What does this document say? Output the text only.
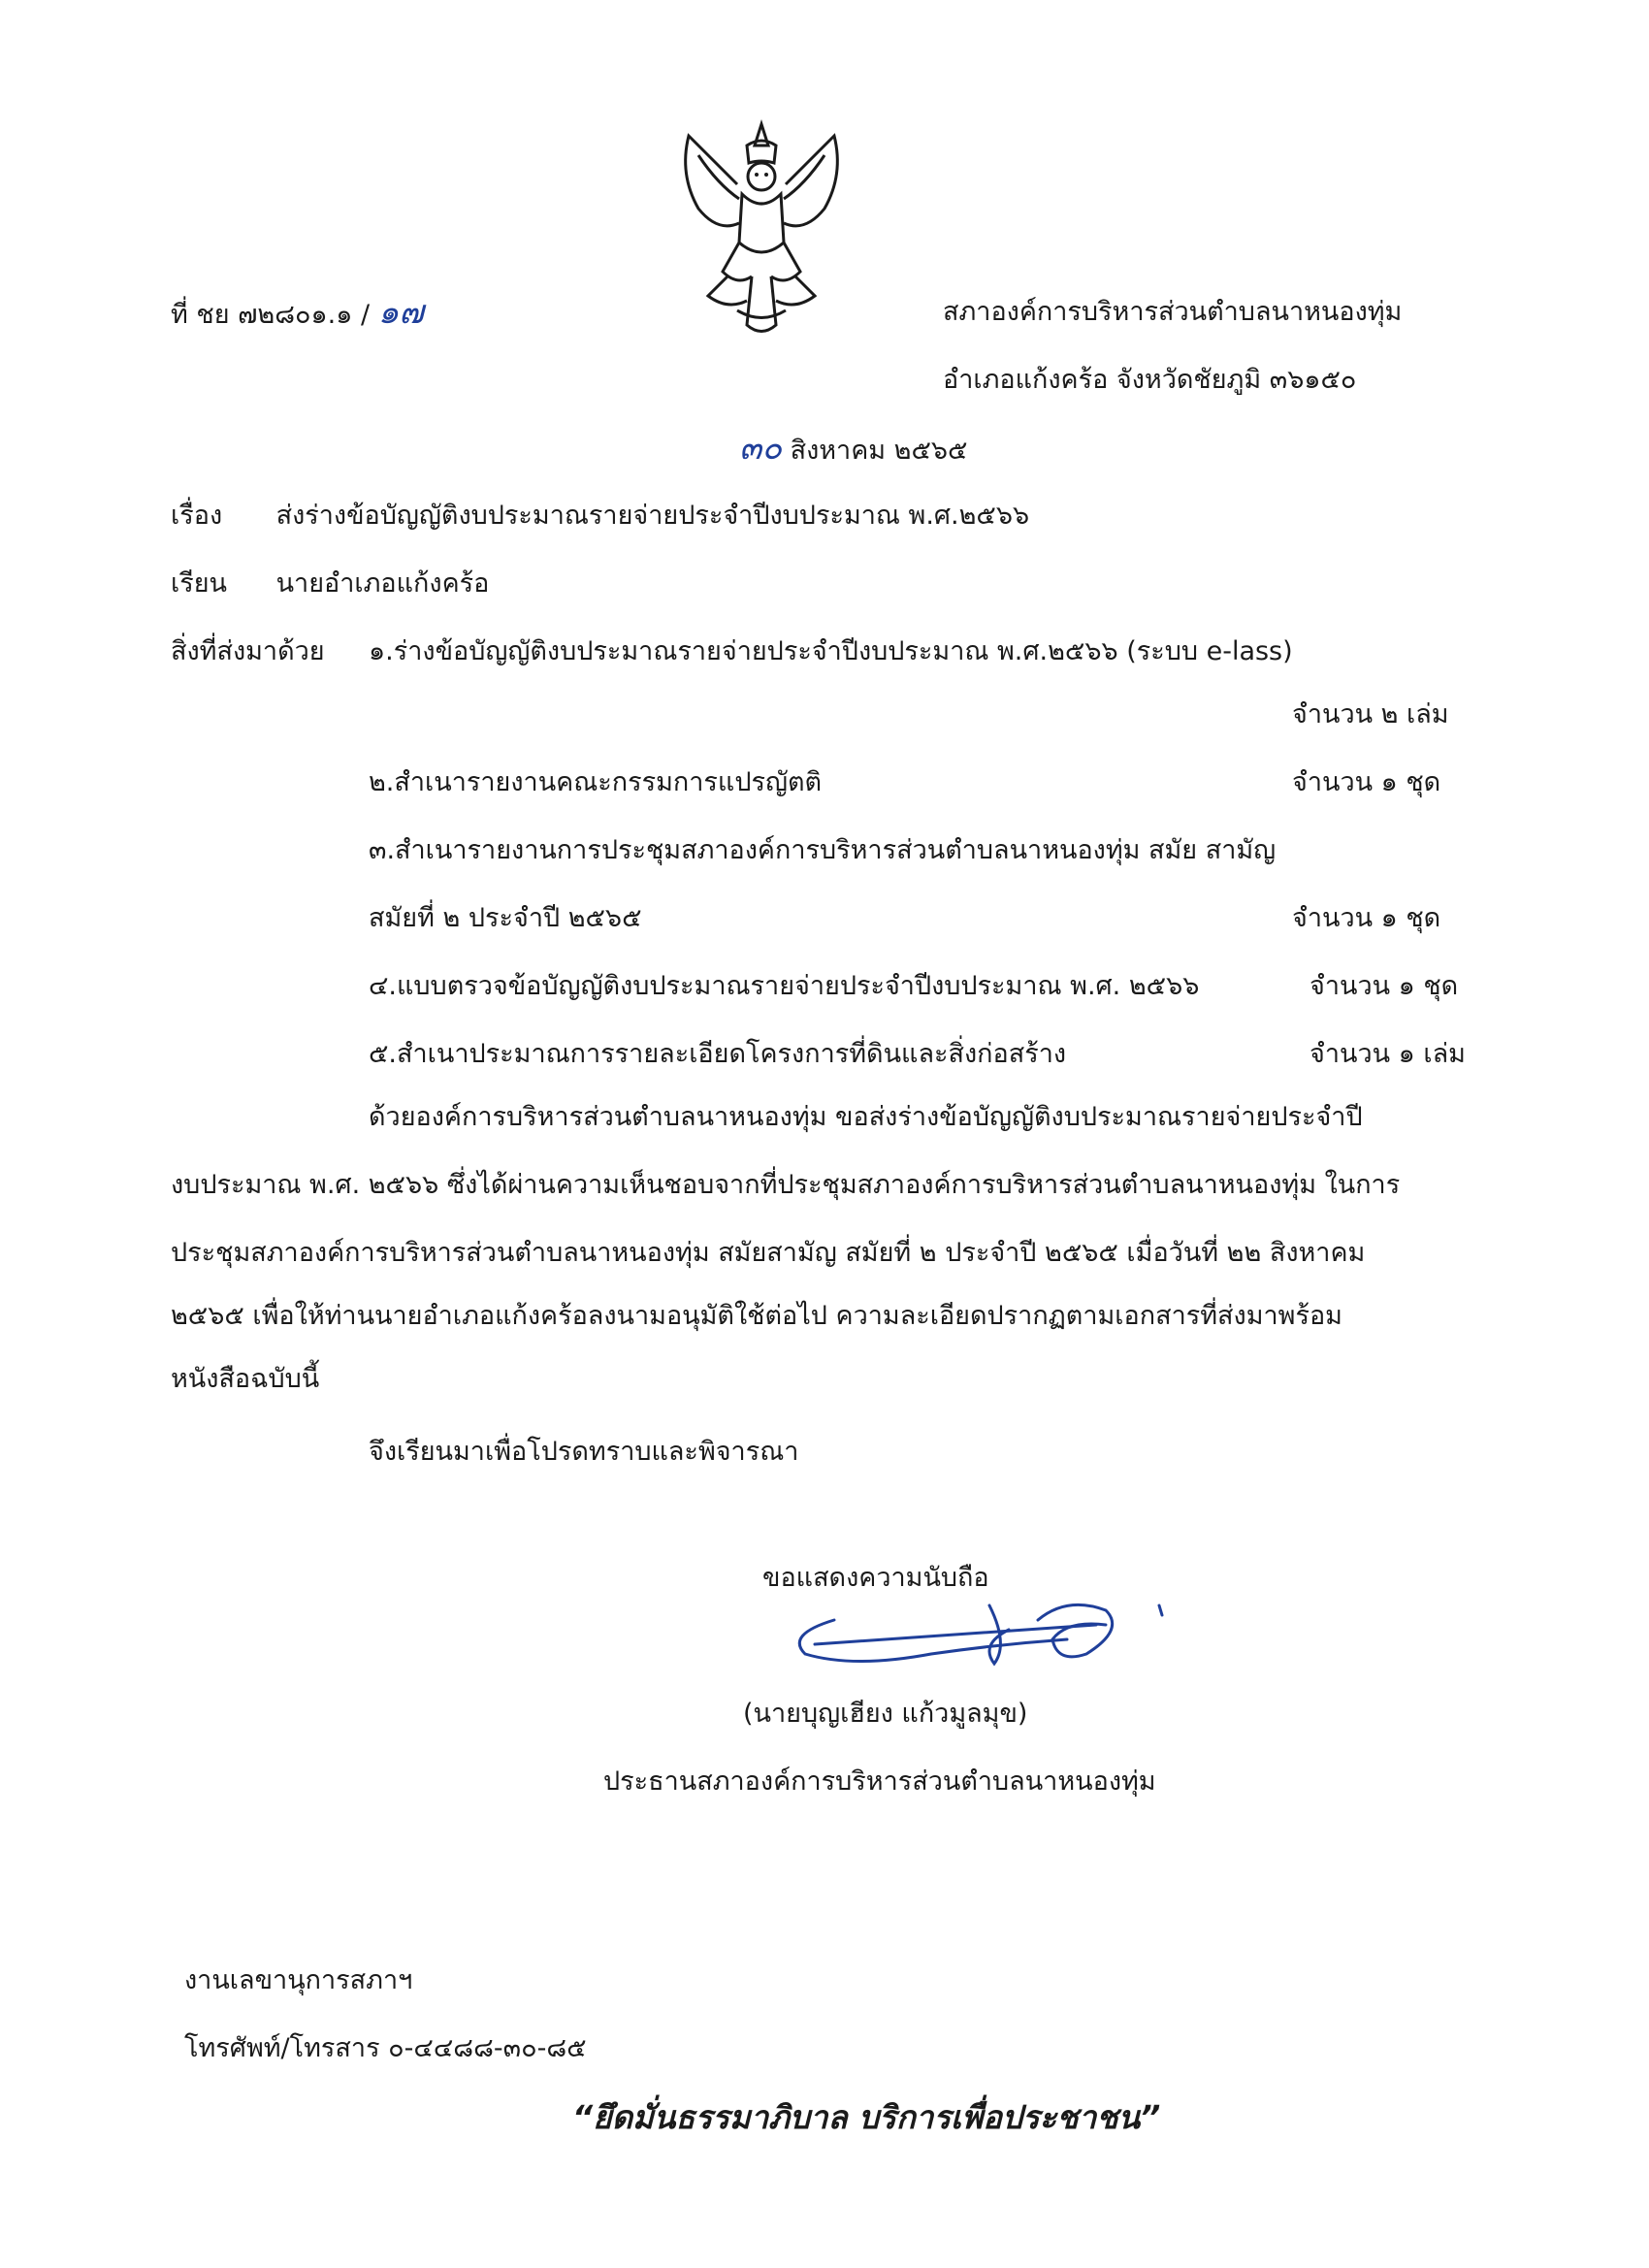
ที่ ชย ๗๒๘๐๑.๑ / ๑๗	สภาองค์การบริหารส่วนตำบลนาหนองทุ่ม
อำเภอแก้งคร้อ จังหวัดชัยภูมิ ๓๖๑๕๐
๓๐ สิงหาคม ๒๕๖๕
เรื่อง ส่งร่างข้อบัญญัติงบประมาณรายจ่ายประจำปีงบประมาณ พ.ศ.๒๕๖๖
เรียน นายอำเภอแก้งคร้อ
สิ่งที่ส่งมาด้วย ๑.ร่างข้อบัญญัติงบประมาณรายจ่ายประจำปีงบประมาณ พ.ศ.๒๕๖๖ (ระบบ e-lass)
จำนวน ๒ เล่ม
๒.สำเนารายงานคณะกรรมการแปรญัตติ	จำนวน ๑ ชุด
๓.สำเนารายงานการประชุมสภาองค์การบริหารส่วนตำบลนาหนองทุ่ม สมัย สามัญ
สมัยที่ ๒ ประจำปี ๒๕๖๕	จำนวน ๑ ชุด
๔.แบบตรวจข้อบัญญัติงบประมาณรายจ่ายประจำปีงบประมาณ พ.ศ. ๒๕๖๖	จำนวน ๑ ชุด
๕.สำเนาประมาณการรายละเอียดโครงการที่ดินและสิ่งก่อสร้าง	จำนวน ๑ เล่ม
ด้วยองค์การบริหารส่วนตำบลนาหนองทุ่ม ขอส่งร่างข้อบัญญัติงบประมาณรายจ่ายประจำปี
งบประมาณ พ.ศ. ๒๕๖๖ ซึ่งได้ผ่านความเห็นชอบจากที่ประชุมสภาองค์การบริหารส่วนตำบลนาหนองทุ่ม ในการ
ประชุมสภาองค์การบริหารส่วนตำบลนาหนองทุ่ม สมัยสามัญ สมัยที่ ๒ ประจำปี ๒๕๖๕ เมื่อวันที่ ๒๒ สิงหาคม
๒๕๖๕ เพื่อให้ท่านนายอำเภอแก้งคร้อลงนามอนุมัติใช้ต่อไป ความละเอียดปรากฏตามเอกสารที่ส่งมาพร้อม
หนังสือฉบับนี้
จึงเรียนมาเพื่อโปรดทราบและพิจารณา
ขอแสดงความนับถือ
(นายบุญเฮียง แก้วมูลมุข)
ประธานสภาองค์การบริหารส่วนตำบลนาหนองทุ่ม
งานเลขานุการสภาฯ
โทรศัพท์/โทรสาร ๐-๔๔๘๘-๓๐-๘๕
“ยึดมั่นธรรมาภิบาล บริการเพื่อประชาชน”
